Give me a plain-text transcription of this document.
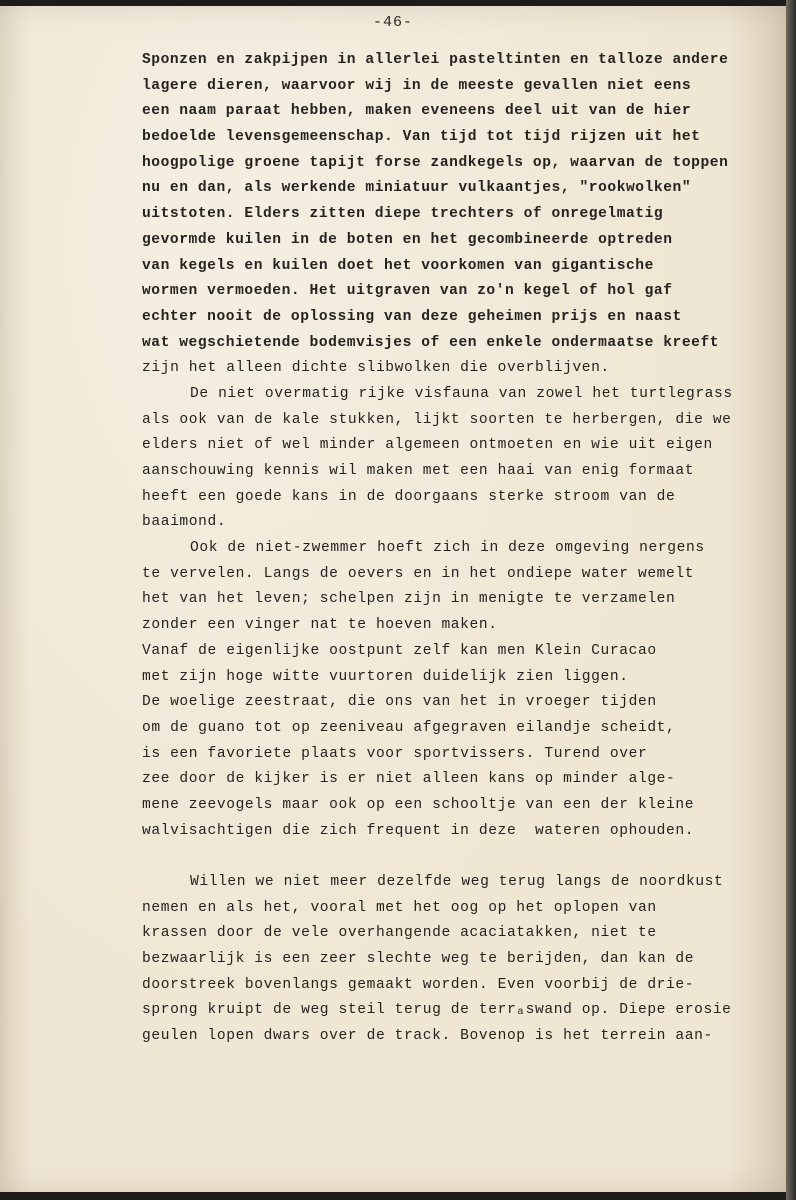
-46-
Sponzen en zakpijpen in allerlei pasteltinten en talloze andere
lagere dieren, waarvoor wij in de meeste gevallen niet eens
een naam paraat hebben, maken eveneens deel uit van de hier
bedoelde levensgemeenschap. Van tijd tot tijd rijzen uit het
hoogpolige groene tapijt forse zandkegels op, waarvan de toppen
nu en dan, als werkende miniatuur vulkaantjes, "rookwolken"
uitstoten. Elders zitten diepe trechters of onregelmatig
gevormde kuilen in de boten en het gecombineerde optreden
van kegels en kuilen doet het voorkomen van gigantische
wormen vermoeden. Het uitgraven van zo'n kegel of hol gaf
echter nooit de oplossing van deze geheimen prijs en naast
wat wegschietende bodemvisjes of een enkele ondermaatse kreeft
zijn het alleen dichte slibwolken die overblijven.
De niet overmatig rijke visfauna van zowel het turtlegrass
als ook van de kale stukken, lijkt soorten te herbergen, die we
elders niet of wel minder algemeen ontmoeten en wie uit eigen
aanschouwing kennis wil maken met een haai van enig formaat
heeft een goede kans in de doorgaans sterke stroom van de
baaimond.
Ook de niet-zwemmer hoeft zich in deze omgeving nergens
te vervelen. Langs de oevers en in het ondiepe water wemelt
het van het leven; schelpen zijn in menigte te verzamelen
zonder een vinger nat te hoeven maken.
Vanaf de eigenlijke oostpunt zelf kan men Klein Curacao
met zijn hoge witte vuurtoren duidelijk zien liggen.
De woelige zeestraat, die ons van het in vroeger tijden
om de guano tot op zeeniveau afgegraven eilandje scheidt,
is een favoriete plaats voor sportvissers. Turend over
zee door de kijker is er niet alleen kans op minder alge-
mene zeevogels maar ook op een schooltje van een der kleine
walvisachtigen die zich frequent in deze  wateren ophouden.
Willen we niet meer dezelfde weg terug langs de noordkust
nemen en als het, vooral met het oog op het oplopen van
krassen door de vele overhangende acaciatakken, niet te
bezwaarlijk is een zeer slechte weg te berijden, dan kan de
doorstreek bovenlangs gemaakt worden. Even voorbij de drie-
sprong kruipt de weg steil terug de terrₐswand op. Diepe erosie
geulen lopen dwars over de track. Bovenop is het terrein aan-
